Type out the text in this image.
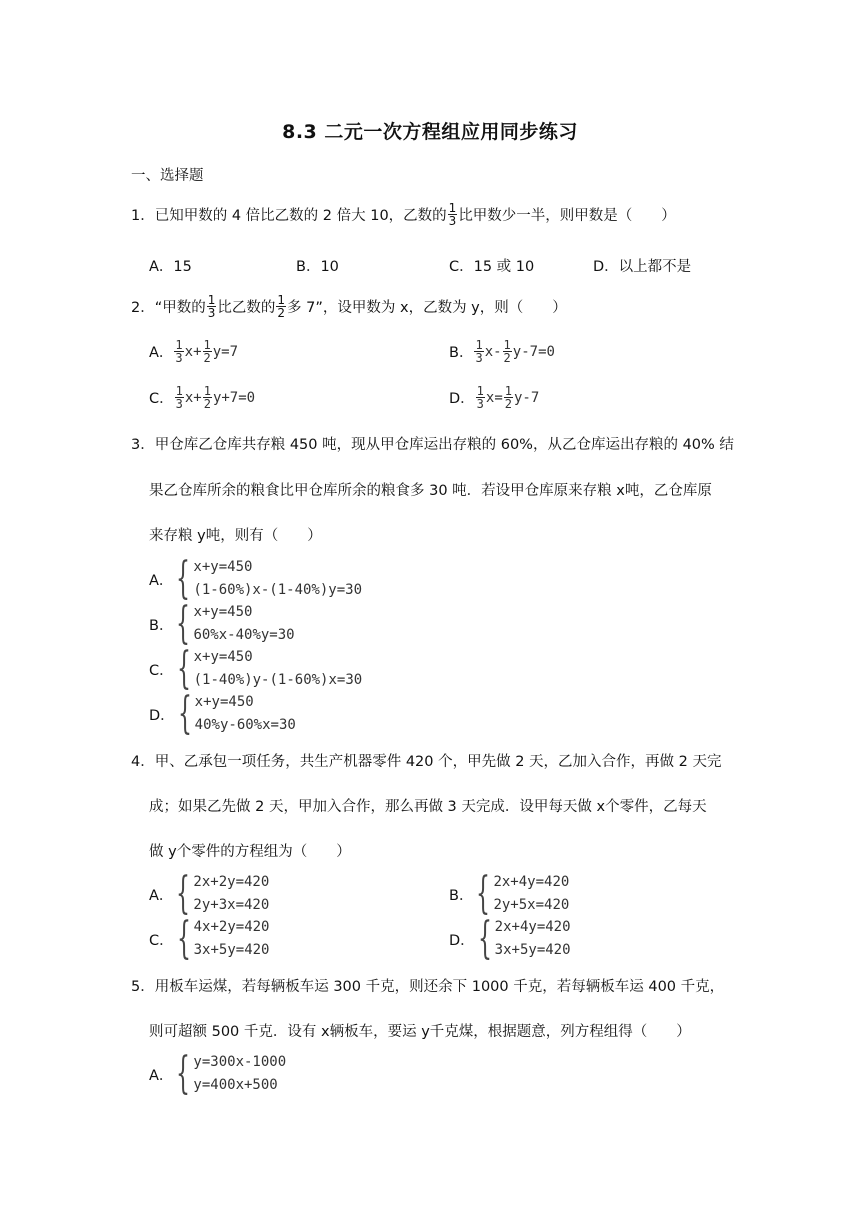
8.3 二元一次方程组应用同步练习
一、选择题
1．已知甲数的 4 倍比乙数的 2 倍大 10，乙数的 $\frac{1}{3}$ 比甲数少一半，则甲数是（　　）
A．15	B．10	C．15 或 10	D．以上都不是
2．“甲数的 $\frac{1}{3}$ 比乙数的 $\frac{1}{2}$ 多 7”，设甲数为 x，乙数为 y，则（　　）
A． $\frac{1}{3} x+ \frac{1}{2} y=7$	B． $\frac{1}{3} x- \frac{1}{2} y-7=0$
C． $\frac{1}{3} x+ \frac{1}{2} y+7=0$	D． $\frac{1}{3} x= \frac{1}{2} y-7$
3．甲仓库乙仓库共存粮 450 吨，现从甲仓库运出存粮的 60%，从乙仓库运出存粮的 40% 结
果乙仓库所余的粮食比甲仓库所余的粮食多 30 吨．若设甲仓库原来存粮 x吨，乙仓库原
来存粮 y吨，则有（　　）
A． { x+y=450
(1-60%)x-(1-40%)y=30
B． { x+y=450
60%x-40%y=30
C． { x+y=450
(1-40%)y-(1-60%)x=30
D． { x+y=450
40%y-60%x=30
4．甲、乙承包一项任务，共生产机器零件 420 个，甲先做 2 天，乙加入合作，再做 2 天完
成；如果乙先做 2 天，甲加入合作，那么再做 3 天完成．设甲每天做 x个零件，乙每天
做 y个零件的方程组为（　　）
A． { 2x+2y=420
2y+3x=420
B． { 2x+4y=420
2y+5x=420
C． { 4x+2y=420
3x+5y=420
D． { 2x+4y=420
3x+5y=420
5．用板车运煤，若每辆板车运 300 千克，则还余下 1000 千克，若每辆板车运 400 千克，
则可超额 500 千克．设有 x辆板车，要运 y千克煤，根据题意，列方程组得（　　）
A． { y=300x-1000
y=400x+500
